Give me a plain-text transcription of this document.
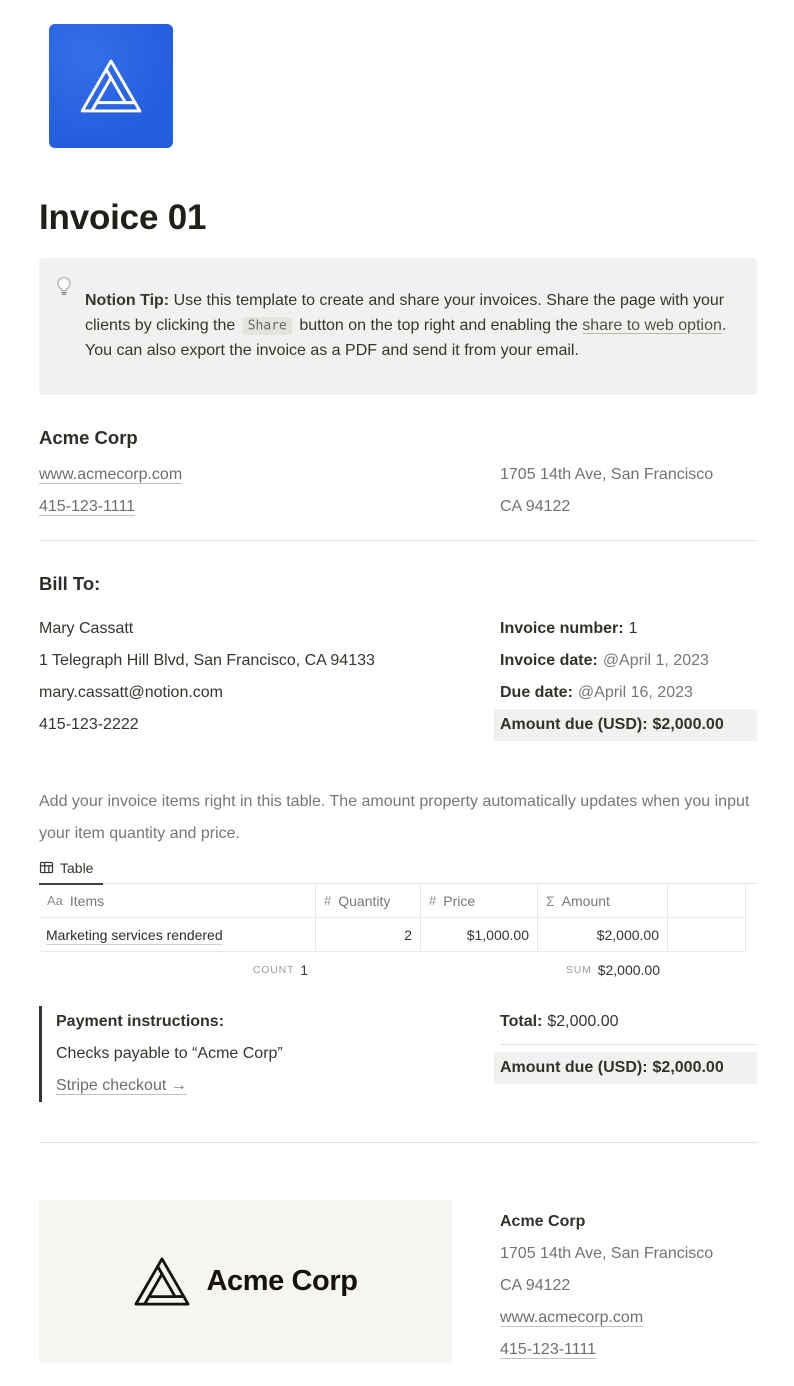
Invoice 01

Notion Tip: Use this template to create and share your invoices. Share the page with your clients by clicking the Share button on the top right and enabling the share to web option. You can also export the invoice as a PDF and send it from your email.

Acme Corp

www.acmecorp.com

415-123-1111

1705 14th Ave, San Francisco

CA 94122

Bill To:

Mary Cassatt

1 Telegraph Hill Blvd, San Francisco, CA 94133

mary.cassatt@notion.com

415-123-2222

Invoice number: 1

Invoice date: @April 1, 2023

Due date: @April 16, 2023

Amount due (USD): $2,000.00

Add your invoice items right in this table. The amount property automatically updates when you input your item quantity and price.

Table
Aa Items	# Quantity	# Price	Σ Amount
Marketing services rendered	2	$1,000.00	$2,000.00
COUNT 1	SUM $2,000.00

Payment instructions:

Checks payable to “Acme Corp”

Stripe checkout →

Total: $2,000.00

Amount due (USD): $2,000.00

Acme Corp

Acme Corp

1705 14th Ave, San Francisco

CA 94122

www.acmecorp.com

415-123-1111
